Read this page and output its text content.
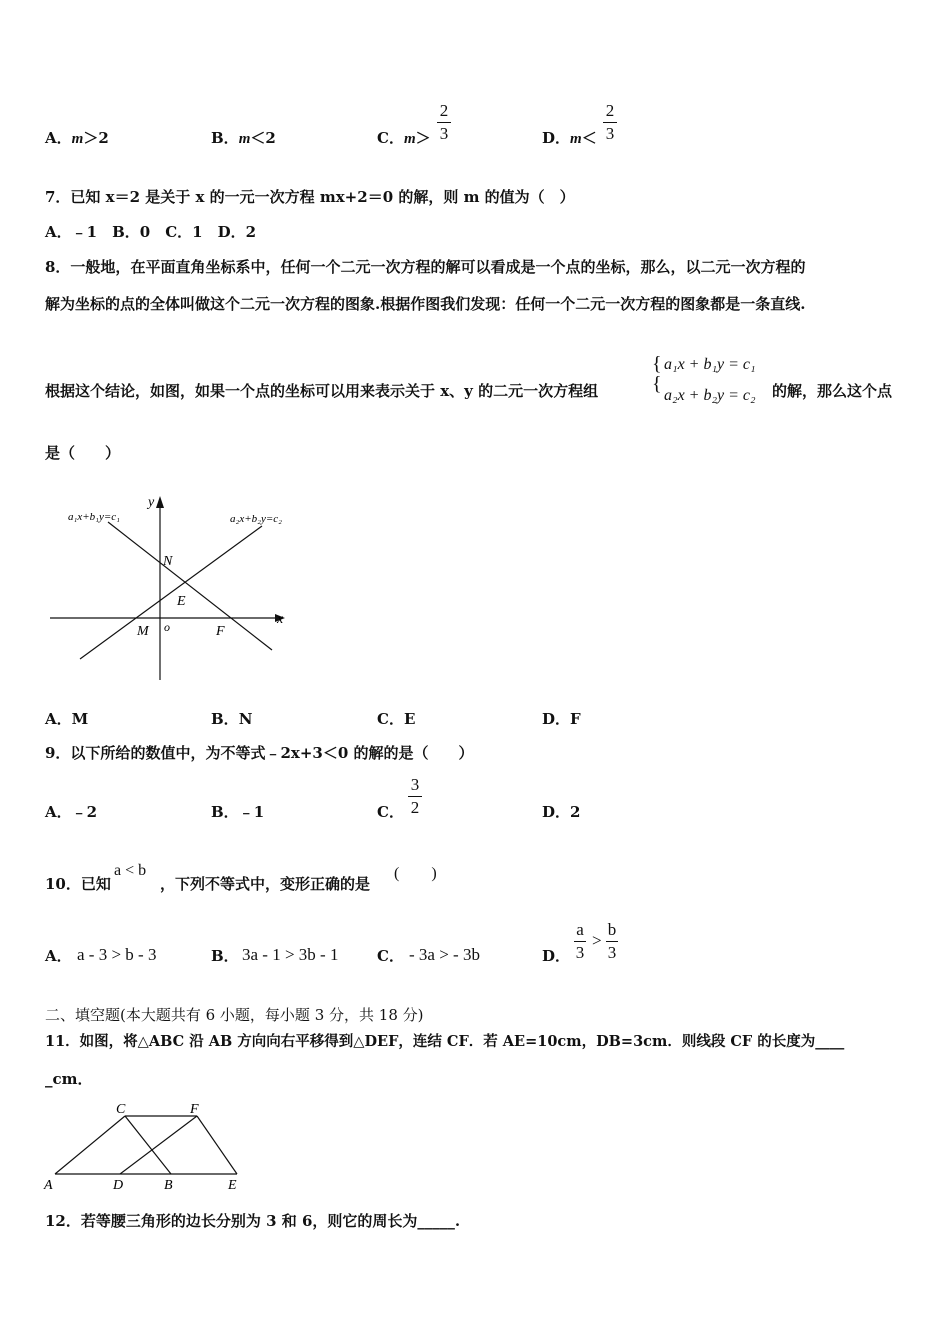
A．m＞2	B．m＜2	C．m＞
2
3	D．m＜
2
3
7．已知 x＝2 是关于 x 的一元一次方程 mx+2＝0 的解，则 m 的值为（　）
A．﹣1　B．0　C．1　D．2
8．一般地，在平面直角坐标系中，任何一个二元一次方程的解可以看成是一个点的坐标，那么，以二元一次方程的
解为坐标的点的全体叫做这个二元一次方程的图象.根据作图我们发现：任何一个二元一次方程的图象都是一条直线.
根据这个结论，如图，如果一个点的坐标可以用来表示关于 x、y 的二元一次方程组
{
{
a₁x + b₁y = c₁
a₂x + b₂y = c₂ 的解，那么这个点
是（　　）
a₁x+b₁y=c₁	a₂x+b₂y=c₂
y
x
N
E
M o	F
A．M	B．N	C．E	D．F
9．以下所给的数值中，为不等式﹣2x+3＜0 的解的是（　　）
A．﹣2	B．﹣1	C．
3
2	D．2
10．已知
a < b
，下列不等式中，变形正确的是
(　　)
A． a - 3 > b - 3	B． 3a - 1 > 3b - 1	C． - 3a > - 3b	D．
a
3
>
b
3
二、填空题(本大题共有 6 小题，每小题 3 分，共 18 分)
11．如图，将△ABC 沿 AB 方向向右平移得到△DEF，连结 CF．若 AE=10cm，DB=3cm．则线段 CF 的长度为____
_cm．
C	F
A	D	B	E
12．若等腰三角形的边长分别为 3 和 6，则它的周长为_____.
